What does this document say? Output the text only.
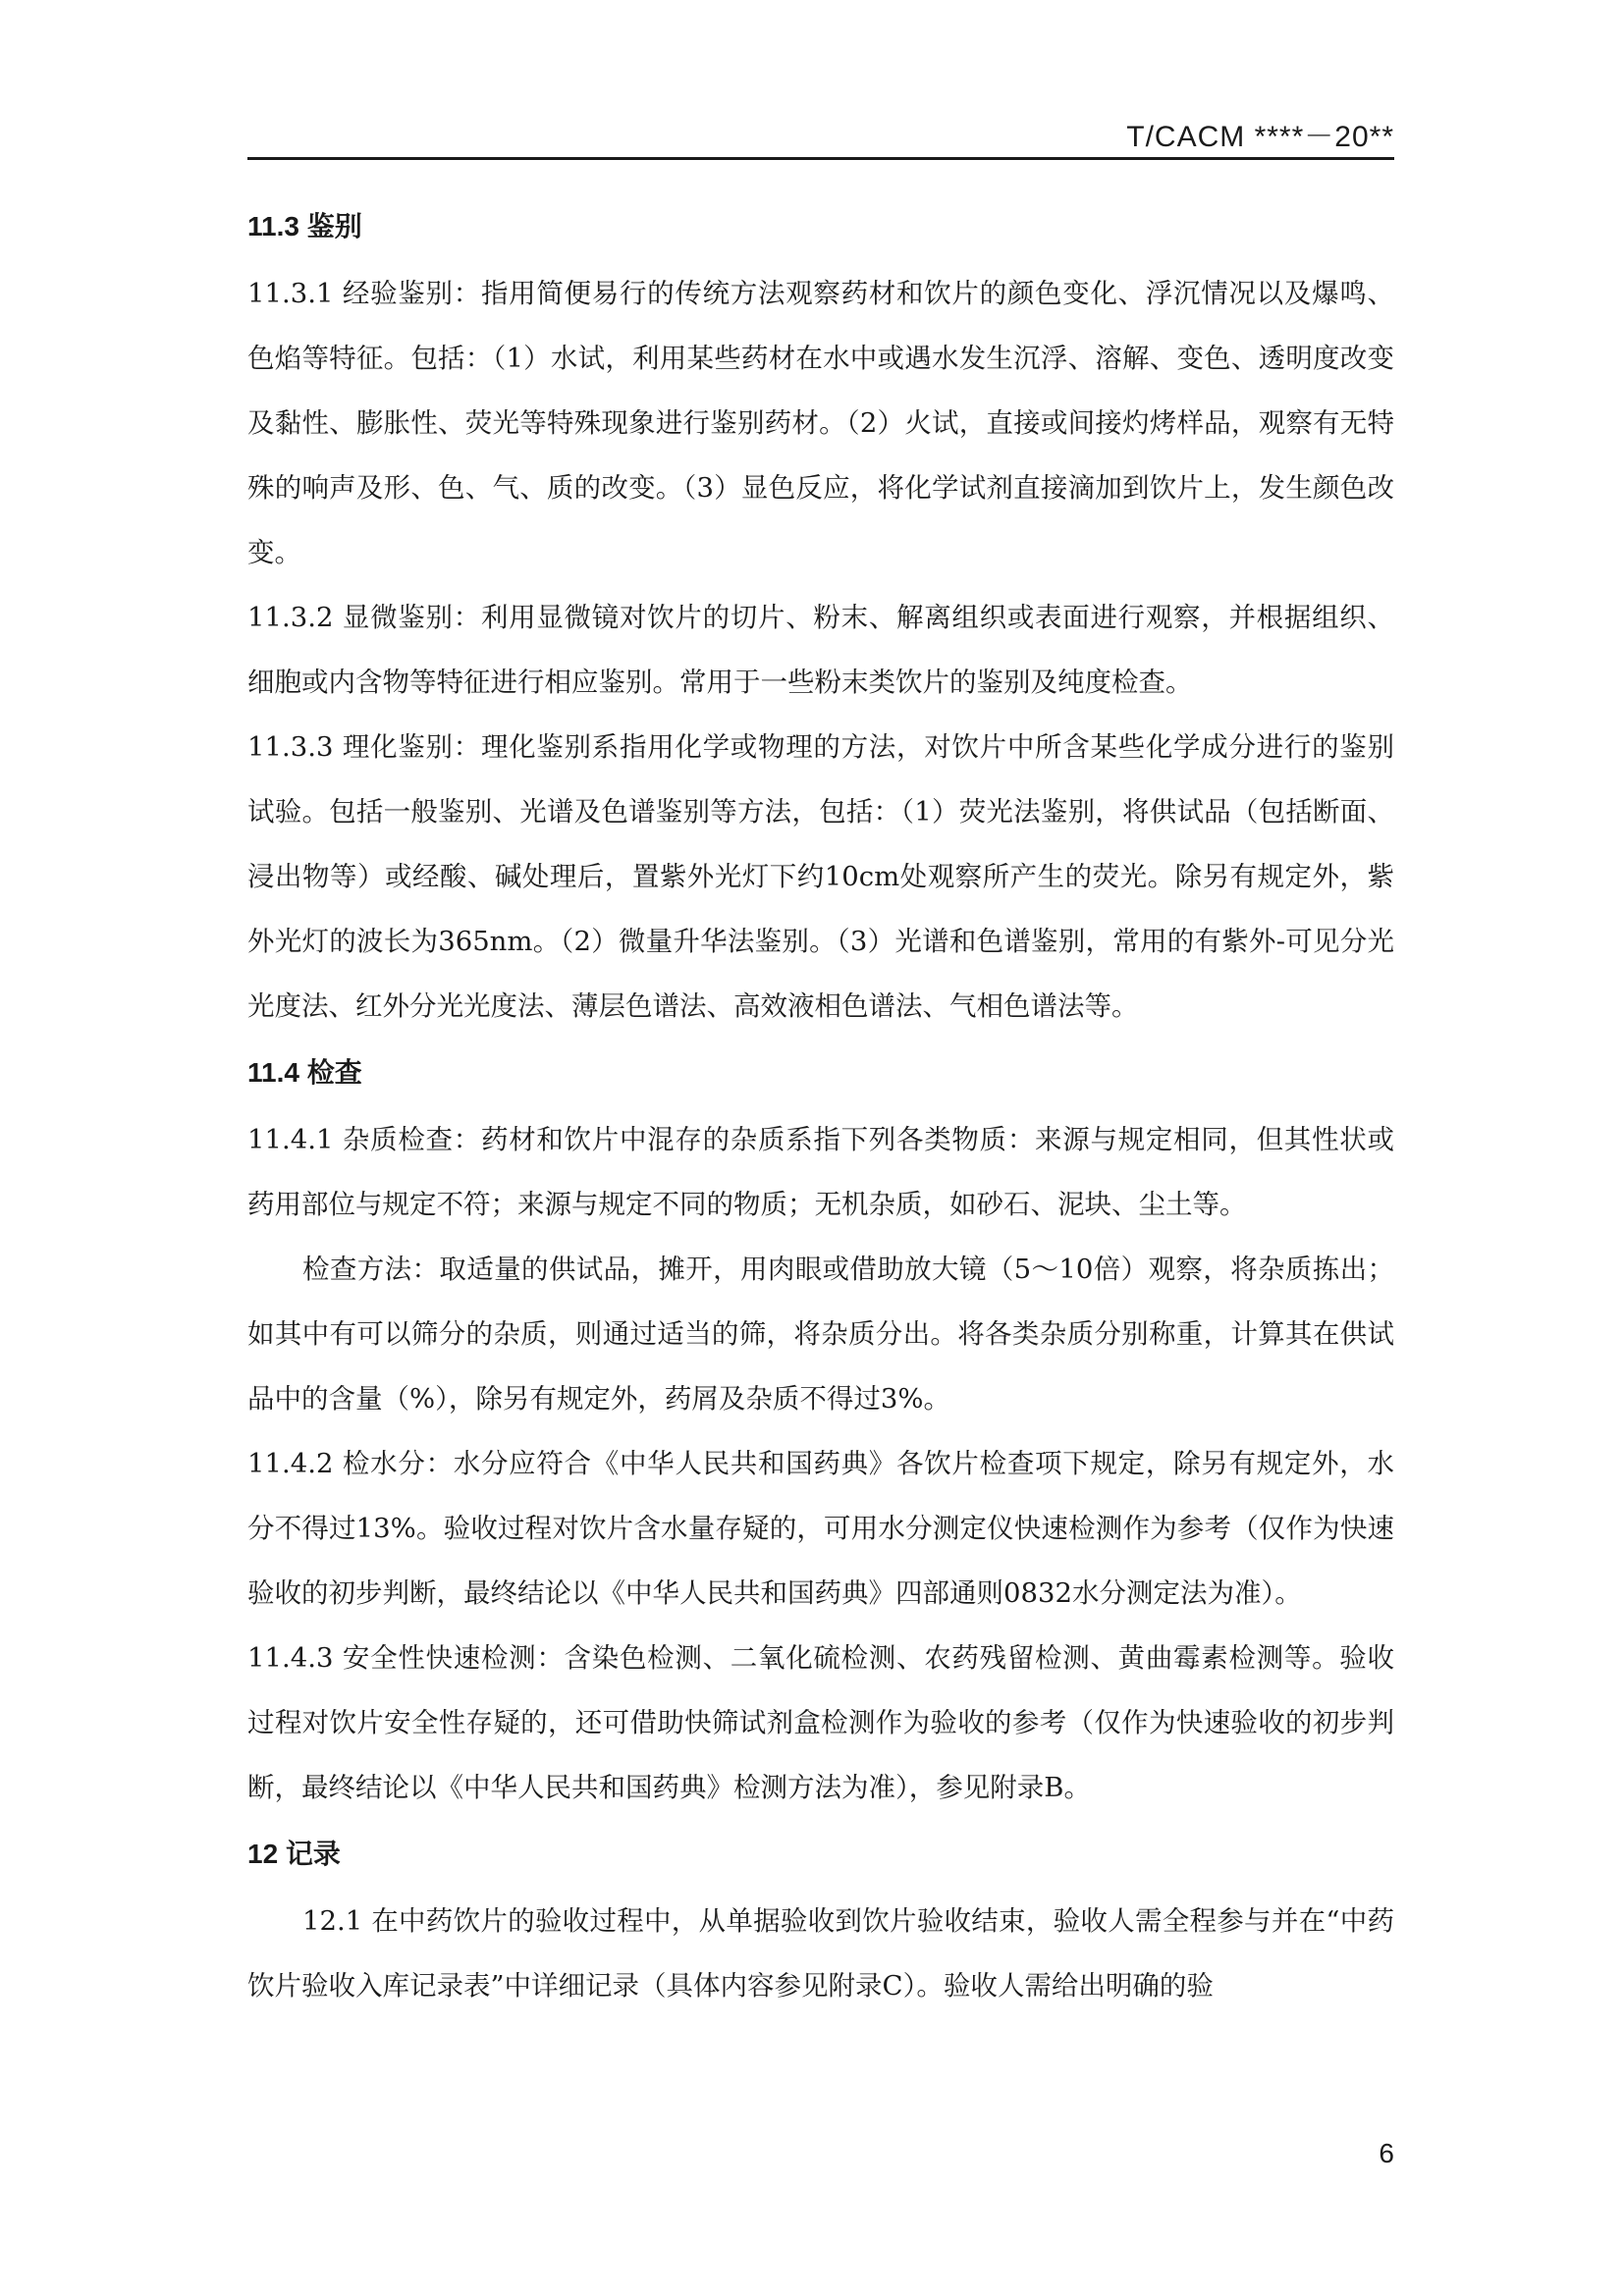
T/CACM ****－20**

11.3 鉴别

11.3.1 经验鉴别：指用简便易行的传统方法观察药材和饮片的颜色变化、浮沉情况以及爆鸣、色焰等特征。包括：（1）水试，利用某些药材在水中或遇水发生沉浮、溶解、变色、透明度改变及黏性、膨胀性、荧光等特殊现象进行鉴别药材。（2）火试，直接或间接灼烤样品，观察有无特殊的响声及形、色、气、质的改变。（3）显色反应，将化学试剂直接滴加到饮片上，发生颜色改变。

11.3.2 显微鉴别：利用显微镜对饮片的切片、粉末、解离组织或表面进行观察，并根据组织、细胞或内含物等特征进行相应鉴别。常用于一些粉末类饮片的鉴别及纯度检查。

11.3.3 理化鉴别：理化鉴别系指用化学或物理的方法，对饮片中所含某些化学成分进行的鉴别试验。包括一般鉴别、光谱及色谱鉴别等方法，包括：（1）荧光法鉴别，将供试品（包括断面、浸出物等）或经酸、碱处理后，置紫外光灯下约10cm处观察所产生的荧光。除另有规定外，紫外光灯的波长为365nm。（2）微量升华法鉴别。（3）光谱和色谱鉴别，常用的有紫外-可见分光光度法、红外分光光度法、薄层色谱法、高效液相色谱法、气相色谱法等。

11.4 检查

11.4.1 杂质检查：药材和饮片中混存的杂质系指下列各类物质：来源与规定相同，但其性状或药用部位与规定不符；来源与规定不同的物质；无机杂质，如砂石、泥块、尘土等。

检查方法：取适量的供试品，摊开，用肉眼或借助放大镜（5～10倍）观察，将杂质拣出；如其中有可以筛分的杂质，则通过适当的筛，将杂质分出。将各类杂质分别称重，计算其在供试品中的含量（%），除另有规定外，药屑及杂质不得过3%。

11.4.2 检水分：水分应符合《中华人民共和国药典》各饮片检查项下规定，除另有规定外，水分不得过13%。验收过程对饮片含水量存疑的，可用水分测定仪快速检测作为参考（仅作为快速验收的初步判断，最终结论以《中华人民共和国药典》四部通则0832水分测定法为准）。

11.4.3 安全性快速检测：含染色检测、二氧化硫检测、农药残留检测、黄曲霉素检测等。验收过程对饮片安全性存疑的，还可借助快筛试剂盒检测作为验收的参考（仅作为快速验收的初步判断，最终结论以《中华人民共和国药典》检测方法为准），参见附录B。

12 记录

12.1 在中药饮片的验收过程中，从单据验收到饮片验收结束，验收人需全程参与并在“中药饮片验收入库记录表”中详细记录（具体内容参见附录C）。验收人需给出明确的验

6
